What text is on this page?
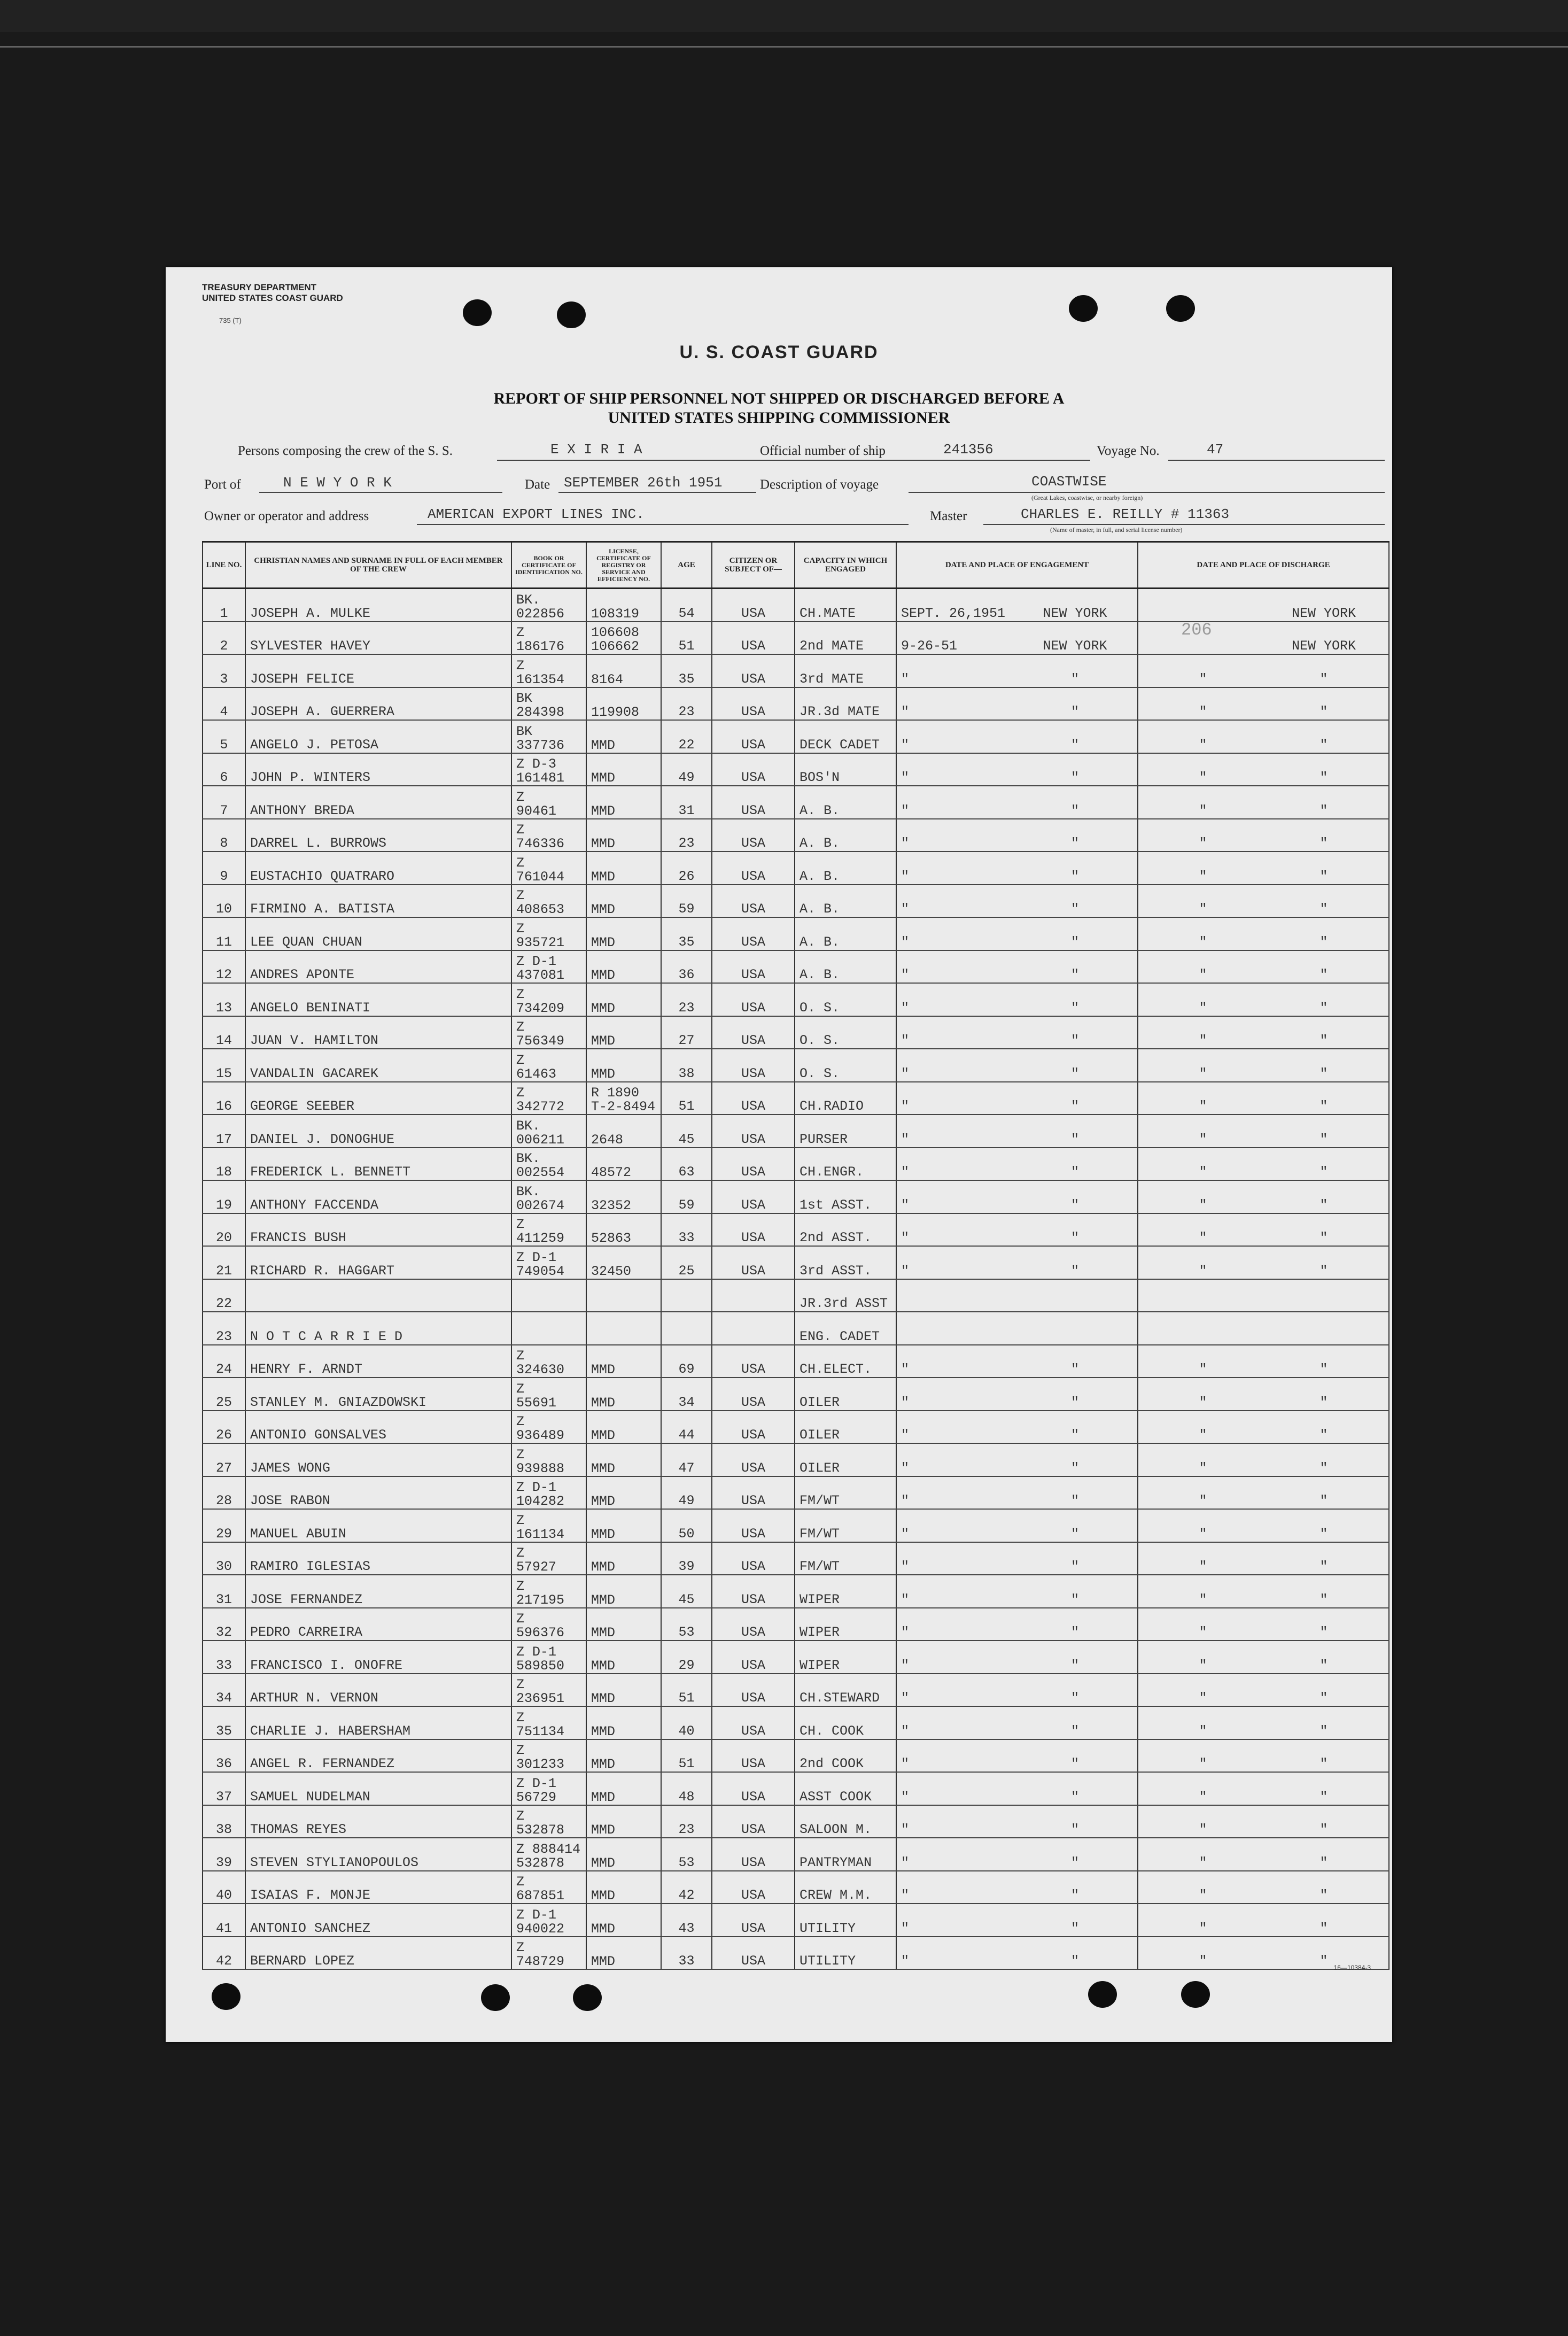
TREASURY DEPARTMENT
UNITED STATES COAST GUARD
735 (T)
U. S. COAST GUARD
REPORT OF SHIP PERSONNEL NOT SHIPPED OR DISCHARGED BEFORE A
UNITED STATES SHIPPING COMMISSIONER
Persons composing the crew of the S. S.	E X I R I A	Official number of ship	241356	Voyage No.	47
Port of	N E W Y O R K	Date SEPTEMBER 26th 1951	Description of voyage	COASTWISE
(Great Lakes, coastwise, or nearby foreign)
Owner or operator and address	AMERICAN EXPORT LINES INC.	Master	CHARLES E. REILLY # 11363
(Name of master, in full, and serial license number)
LINE NO.	CHRISTIAN NAMES AND SURNAME IN FULL OF EACH MEMBER OF THE CREW	BOOK OR CERTIFICATE OF IDENTIFICATION NO.	LICENSE, CERTIFICATE OF REGISTRY OR SERVICE AND EFFICIENCY NO.	AGE	CITIZEN OR SUBJECT OF—	CAPACITY IN WHICH ENGAGED	DATE AND PLACE OF ENGAGEMENT	DATE AND PLACE OF DISCHARGE
1	JOSEPH A. MULKE	BK.
022856	108319	54	USA	CH.MATE	SEPT. 26,1951 NEW YORK	NEW YORK
2	SYLVESTER HAVEY	Z
186176	106608
106662	51	USA	2nd MATE	9-26-51 NEW YORK	NEW YORK
3	JOSEPH FELICE	Z
161354	8164	35	USA	3rd MATE	" "	" "
4	JOSEPH A. GUERRERA	BK
284398	119908	23	USA	JR.3d MATE	" "	" "
5	ANGELO J. PETOSA	BK
337736	MMD	22	USA	DECK CADET	" "	" "
6	JOHN P. WINTERS	Z D-3
161481	MMD	49	USA	BOS'N	" "	" "
7	ANTHONY BREDA	Z
90461	MMD	31	USA	A. B.	" "	" "
8	DARREL L. BURROWS	Z
746336	MMD	23	USA	A. B.	" "	" "
9	EUSTACHIO QUATRARO	Z
761044	MMD	26	USA	A. B.	" "	" "
10	FIRMINO A. BATISTA	Z
408653	MMD	59	USA	A. B.	" "	" "
11	LEE QUAN CHUAN	Z
935721	MMD	35	USA	A. B.	" "	" "
12	ANDRES APONTE	Z D-1
437081	MMD	36	USA	A. B.	" "	" "
13	ANGELO BENINATI	Z
734209	MMD	23	USA	O. S.	" "	" "
14	JUAN V. HAMILTON	Z
756349	MMD	27	USA	O. S.	" "	" "
15	VANDALIN GACAREK	Z
61463	MMD	38	USA	O. S.	" "	" "
16	GEORGE SEEBER	Z
342772	R 1890
T-2-8494	51	USA	CH.RADIO	" "	" "
17	DANIEL J. DONOGHUE	BK.
006211	2648	45	USA	PURSER	" "	" "
18	FREDERICK L. BENNETT	BK.
002554	48572	63	USA	CH.ENGR.	" "	" "
19	ANTHONY FACCENDA	BK.
002674	32352	59	USA	1st ASST.	" "	" "
20	FRANCIS BUSH	Z
411259	52863	33	USA	2nd ASST.	" "	" "
21	RICHARD R. HAGGART	Z D-1
749054	32450	25	USA	3rd ASST.	" "	" "
22						JR.3rd ASST		
23	N O T C A R R I E D					ENG. CADET		
24	HENRY F. ARNDT	Z
324630	MMD	69	USA	CH.ELECT.	" "	" "
25	STANLEY M. GNIAZDOWSKI	Z
55691	MMD	34	USA	OILER	" "	" "
26	ANTONIO GONSALVES	Z
936489	MMD	44	USA	OILER	" "	" "
27	JAMES WONG	Z
939888	MMD	47	USA	OILER	" "	" "
28	JOSE RABON	Z D-1
104282	MMD	49	USA	FM/WT	" "	" "
29	MANUEL ABUIN	Z
161134	MMD	50	USA	FM/WT	" "	" "
30	RAMIRO IGLESIAS	Z
57927	MMD	39	USA	FM/WT	" "	" "
31	JOSE FERNANDEZ	Z
217195	MMD	45	USA	WIPER	" "	" "
32	PEDRO CARREIRA	Z
596376	MMD	53	USA	WIPER	" "	" "
33	FRANCISCO I. ONOFRE	Z D-1
589850	MMD	29	USA	WIPER	" "	" "
34	ARTHUR N. VERNON	Z
236951	MMD	51	USA	CH.STEWARD	" "	" "
35	CHARLIE J. HABERSHAM	Z
751134	MMD	40	USA	CH. COOK	" "	" "
36	ANGEL R. FERNANDEZ	Z
301233	MMD	51	USA	2nd COOK	" "	" "
37	SAMUEL NUDELMAN	Z D-1
56729	MMD	48	USA	ASST COOK	" "	" "
38	THOMAS REYES	Z
532878	MMD	23	USA	SALOON M.	" "	" "
39	STEVEN STYLIANOPOULOS	Z 888414
532878	MMD	53	USA	PANTRYMAN	" "	" "
40	ISAIAS F. MONJE	Z
687851	MMD	42	USA	CREW M.M.	" "	" "
41	ANTONIO SANCHEZ	Z D-1
940022	MMD	43	USA	UTILITY	" "	" "
42	BERNARD LOPEZ	Z
748729	MMD	33	USA	UTILITY	" "	" "
206
16—10384-3
